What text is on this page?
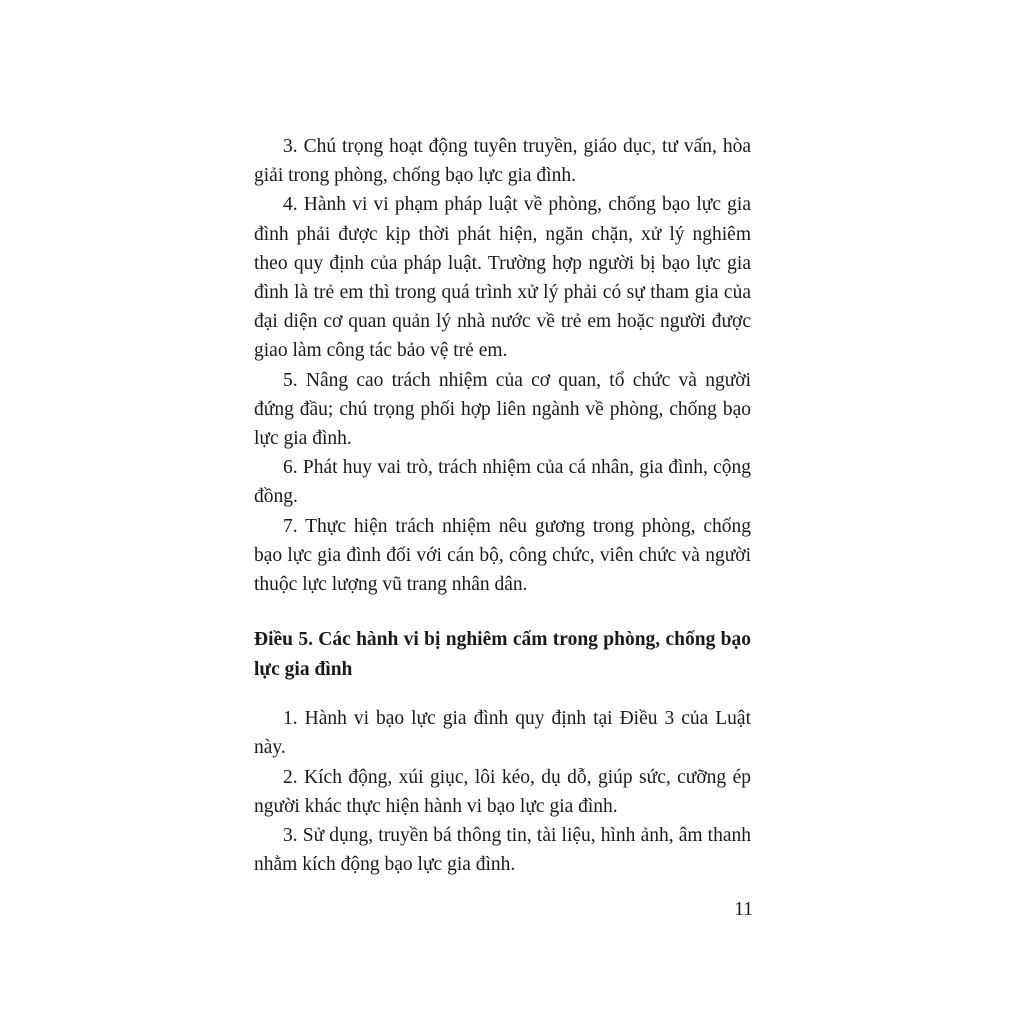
3. Chú trọng hoạt động tuyên truyền, giáo dục, tư vấn, hòa giải trong phòng, chống bạo lực gia đình.

4. Hành vi vi phạm pháp luật về phòng, chống bạo lực gia đình phải được kịp thời phát hiện, ngăn chặn, xử lý nghiêm theo quy định của pháp luật. Trường hợp người bị bạo lực gia đình là trẻ em thì trong quá trình xử lý phải có sự tham gia của đại diện cơ quan quản lý nhà nước về trẻ em hoặc người được giao làm công tác bảo vệ trẻ em.

5. Nâng cao trách nhiệm của cơ quan, tổ chức và người đứng đầu; chú trọng phối hợp liên ngành về phòng, chống bạo lực gia đình.

6. Phát huy vai trò, trách nhiệm của cá nhân, gia đình, cộng đồng.

7. Thực hiện trách nhiệm nêu gương trong phòng, chống bạo lực gia đình đối với cán bộ, công chức, viên chức và người thuộc lực lượng vũ trang nhân dân.

Điều 5. Các hành vi bị nghiêm cấm trong phòng, chống bạo lực gia đình

1. Hành vi bạo lực gia đình quy định tại Điều 3 của Luật này.

2. Kích động, xúi giục, lôi kéo, dụ dỗ, giúp sức, cưỡng ép người khác thực hiện hành vi bạo lực gia đình.

3. Sử dụng, truyền bá thông tin, tài liệu, hình ảnh, âm thanh nhằm kích động bạo lực gia đình.

11
